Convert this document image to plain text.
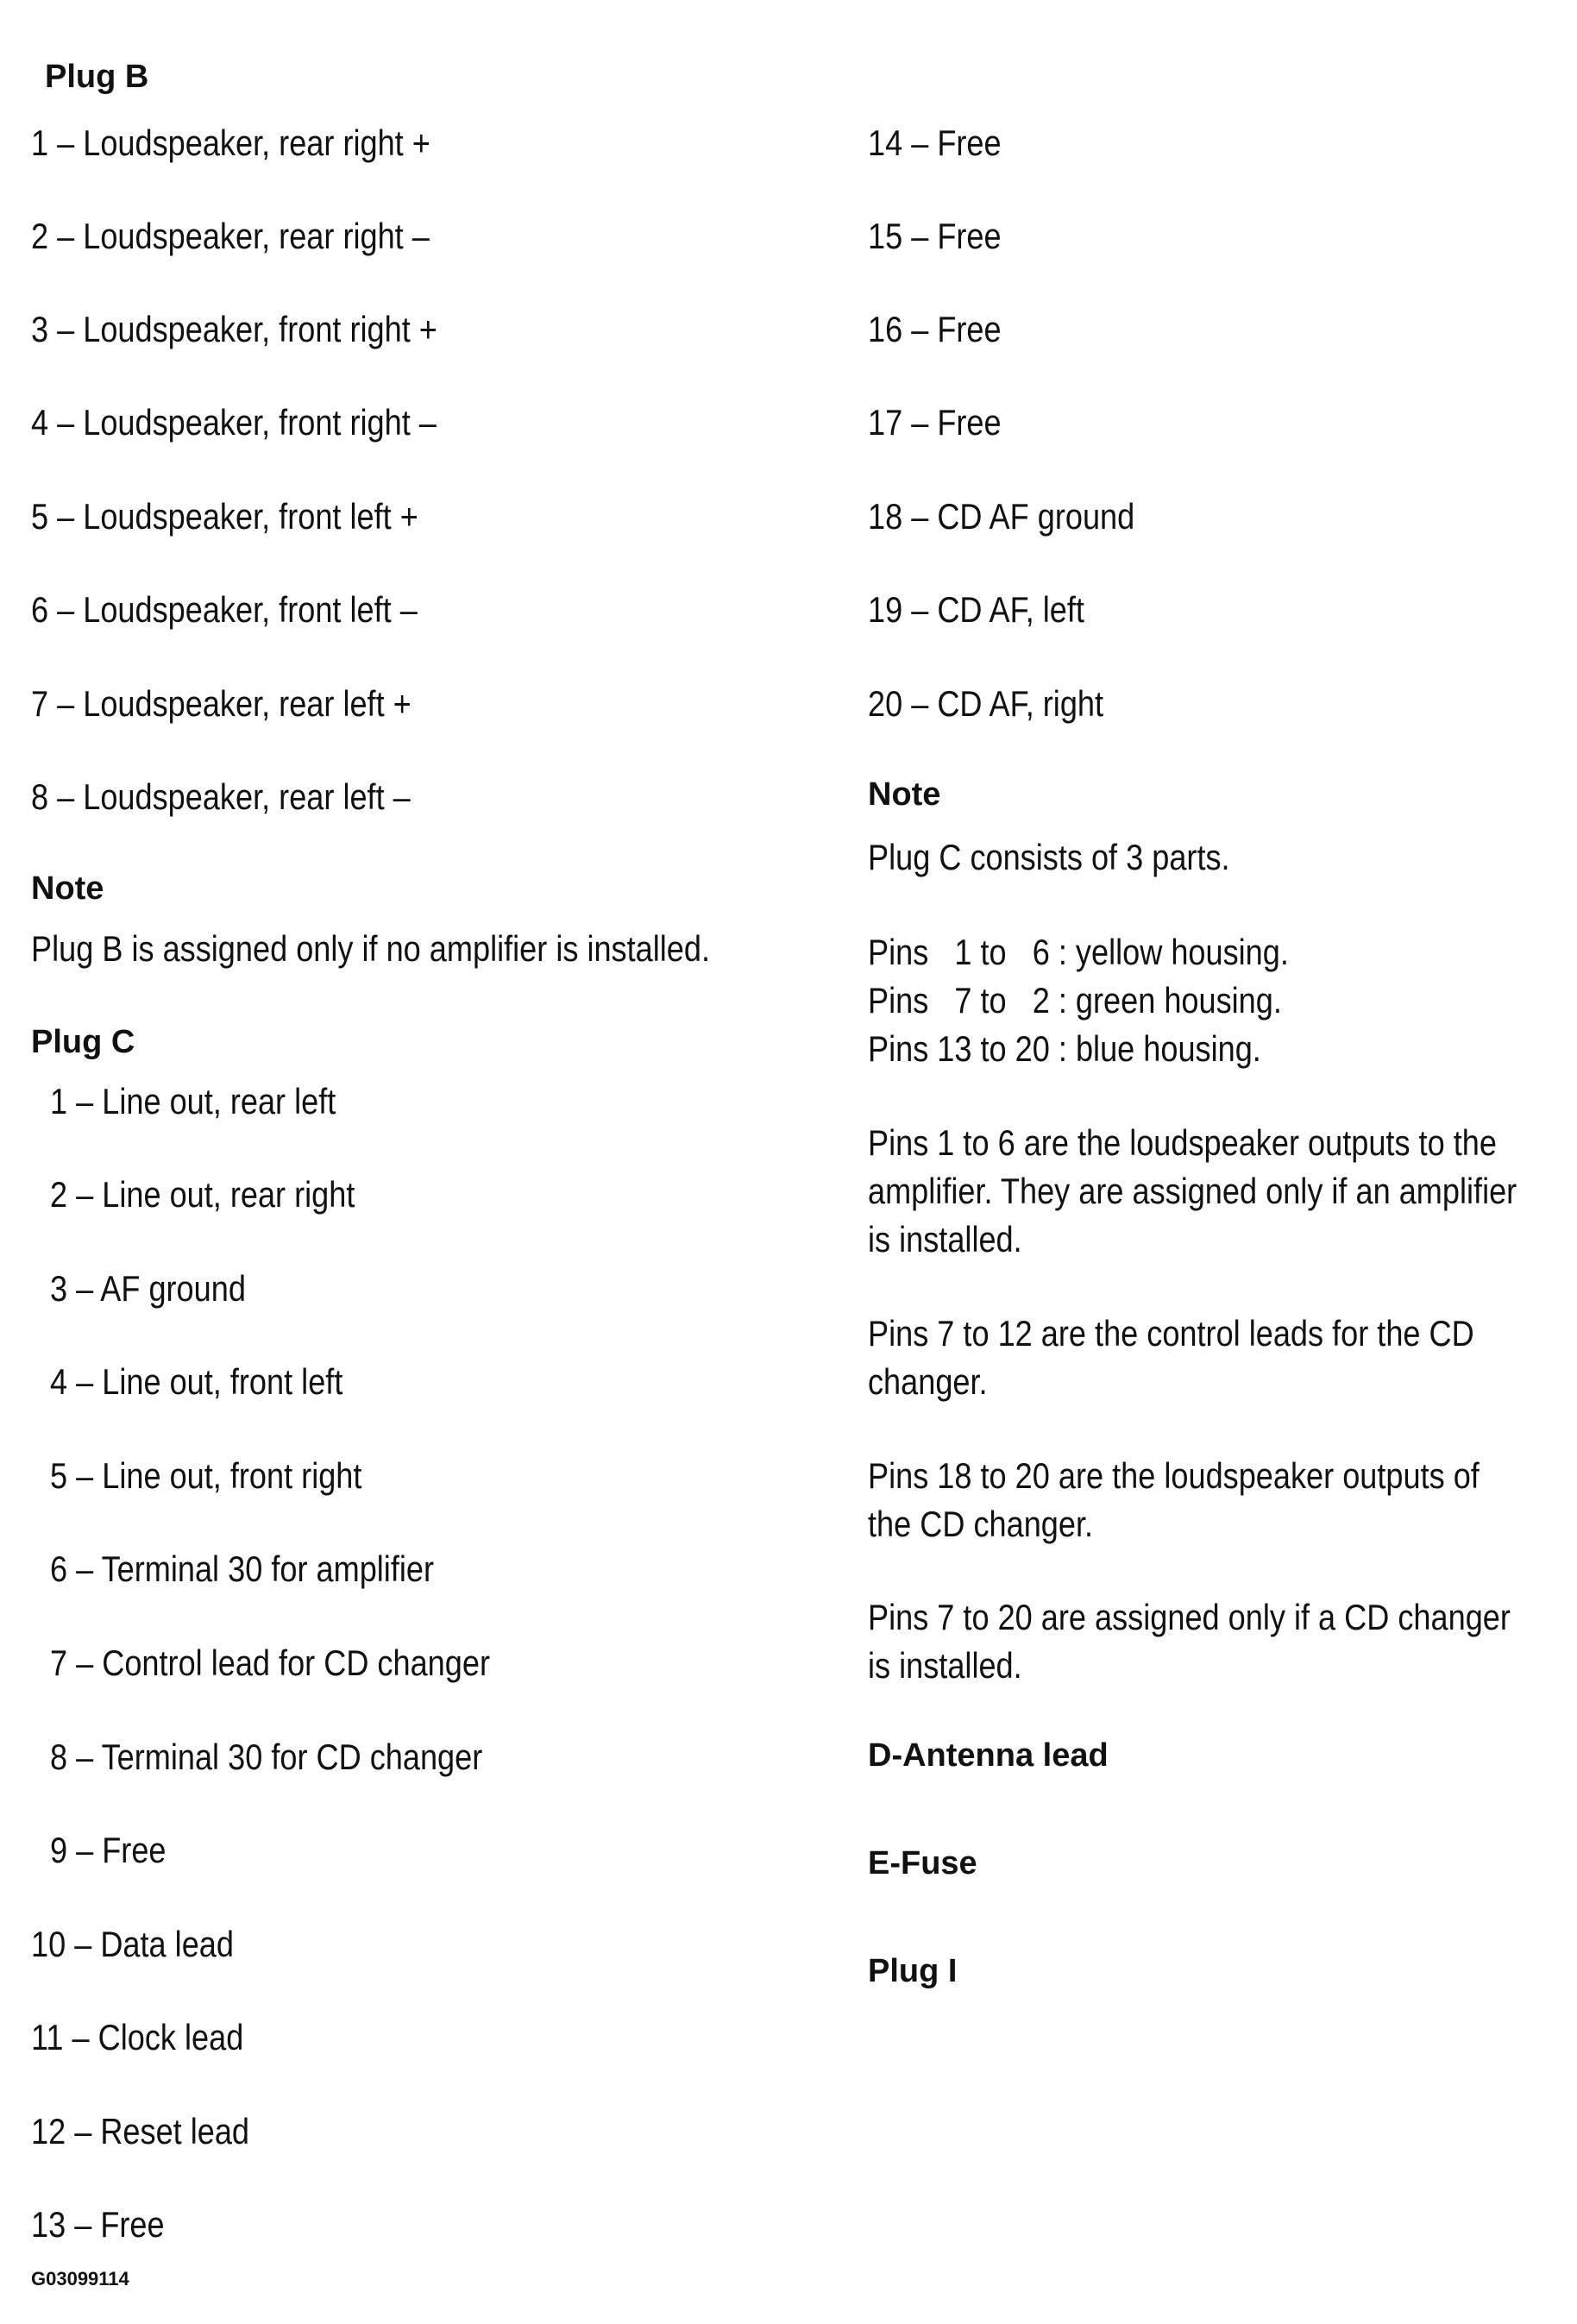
Plug B
1 – Loudspeaker, rear right +
2 – Loudspeaker, rear right –
3 – Loudspeaker, front right +
4 – Loudspeaker, front right –
5 – Loudspeaker, front left +
6 – Loudspeaker, front left –
7 – Loudspeaker, rear left +
8 – Loudspeaker, rear left –
Note
Plug B is assigned only if no amplifier is installed.
Plug C
1 – Line out, rear left
2 – Line out, rear right
3 – AF ground
4 – Line out, front left
5 – Line out, front right
6 – Terminal 30 for amplifier
7 – Control lead for CD changer
8 – Terminal 30 for CD changer
9 – Free
10 – Data lead
11 – Clock lead
12 – Reset lead
13 – Free
G03099114
14 – Free
15 – Free
16 – Free
17 – Free
18 – CD AF ground
19 – CD AF, left
20 – CD AF, right
Note
Plug C consists of 3 parts.
Pins   1 to   6 : yellow housing.
Pins   7 to   2 : green housing.
Pins 13 to 20 : blue housing.
Pins 1 to 6 are the loudspeaker outputs to the
amplifier. They are assigned only if an amplifier
is installed.
Pins 7 to 12 are the control leads for the CD
changer.
Pins 18 to 20 are the loudspeaker outputs of
the CD changer.
Pins 7 to 20 are assigned only if a CD changer
is installed.
D-Antenna lead
E-Fuse
Plug I
